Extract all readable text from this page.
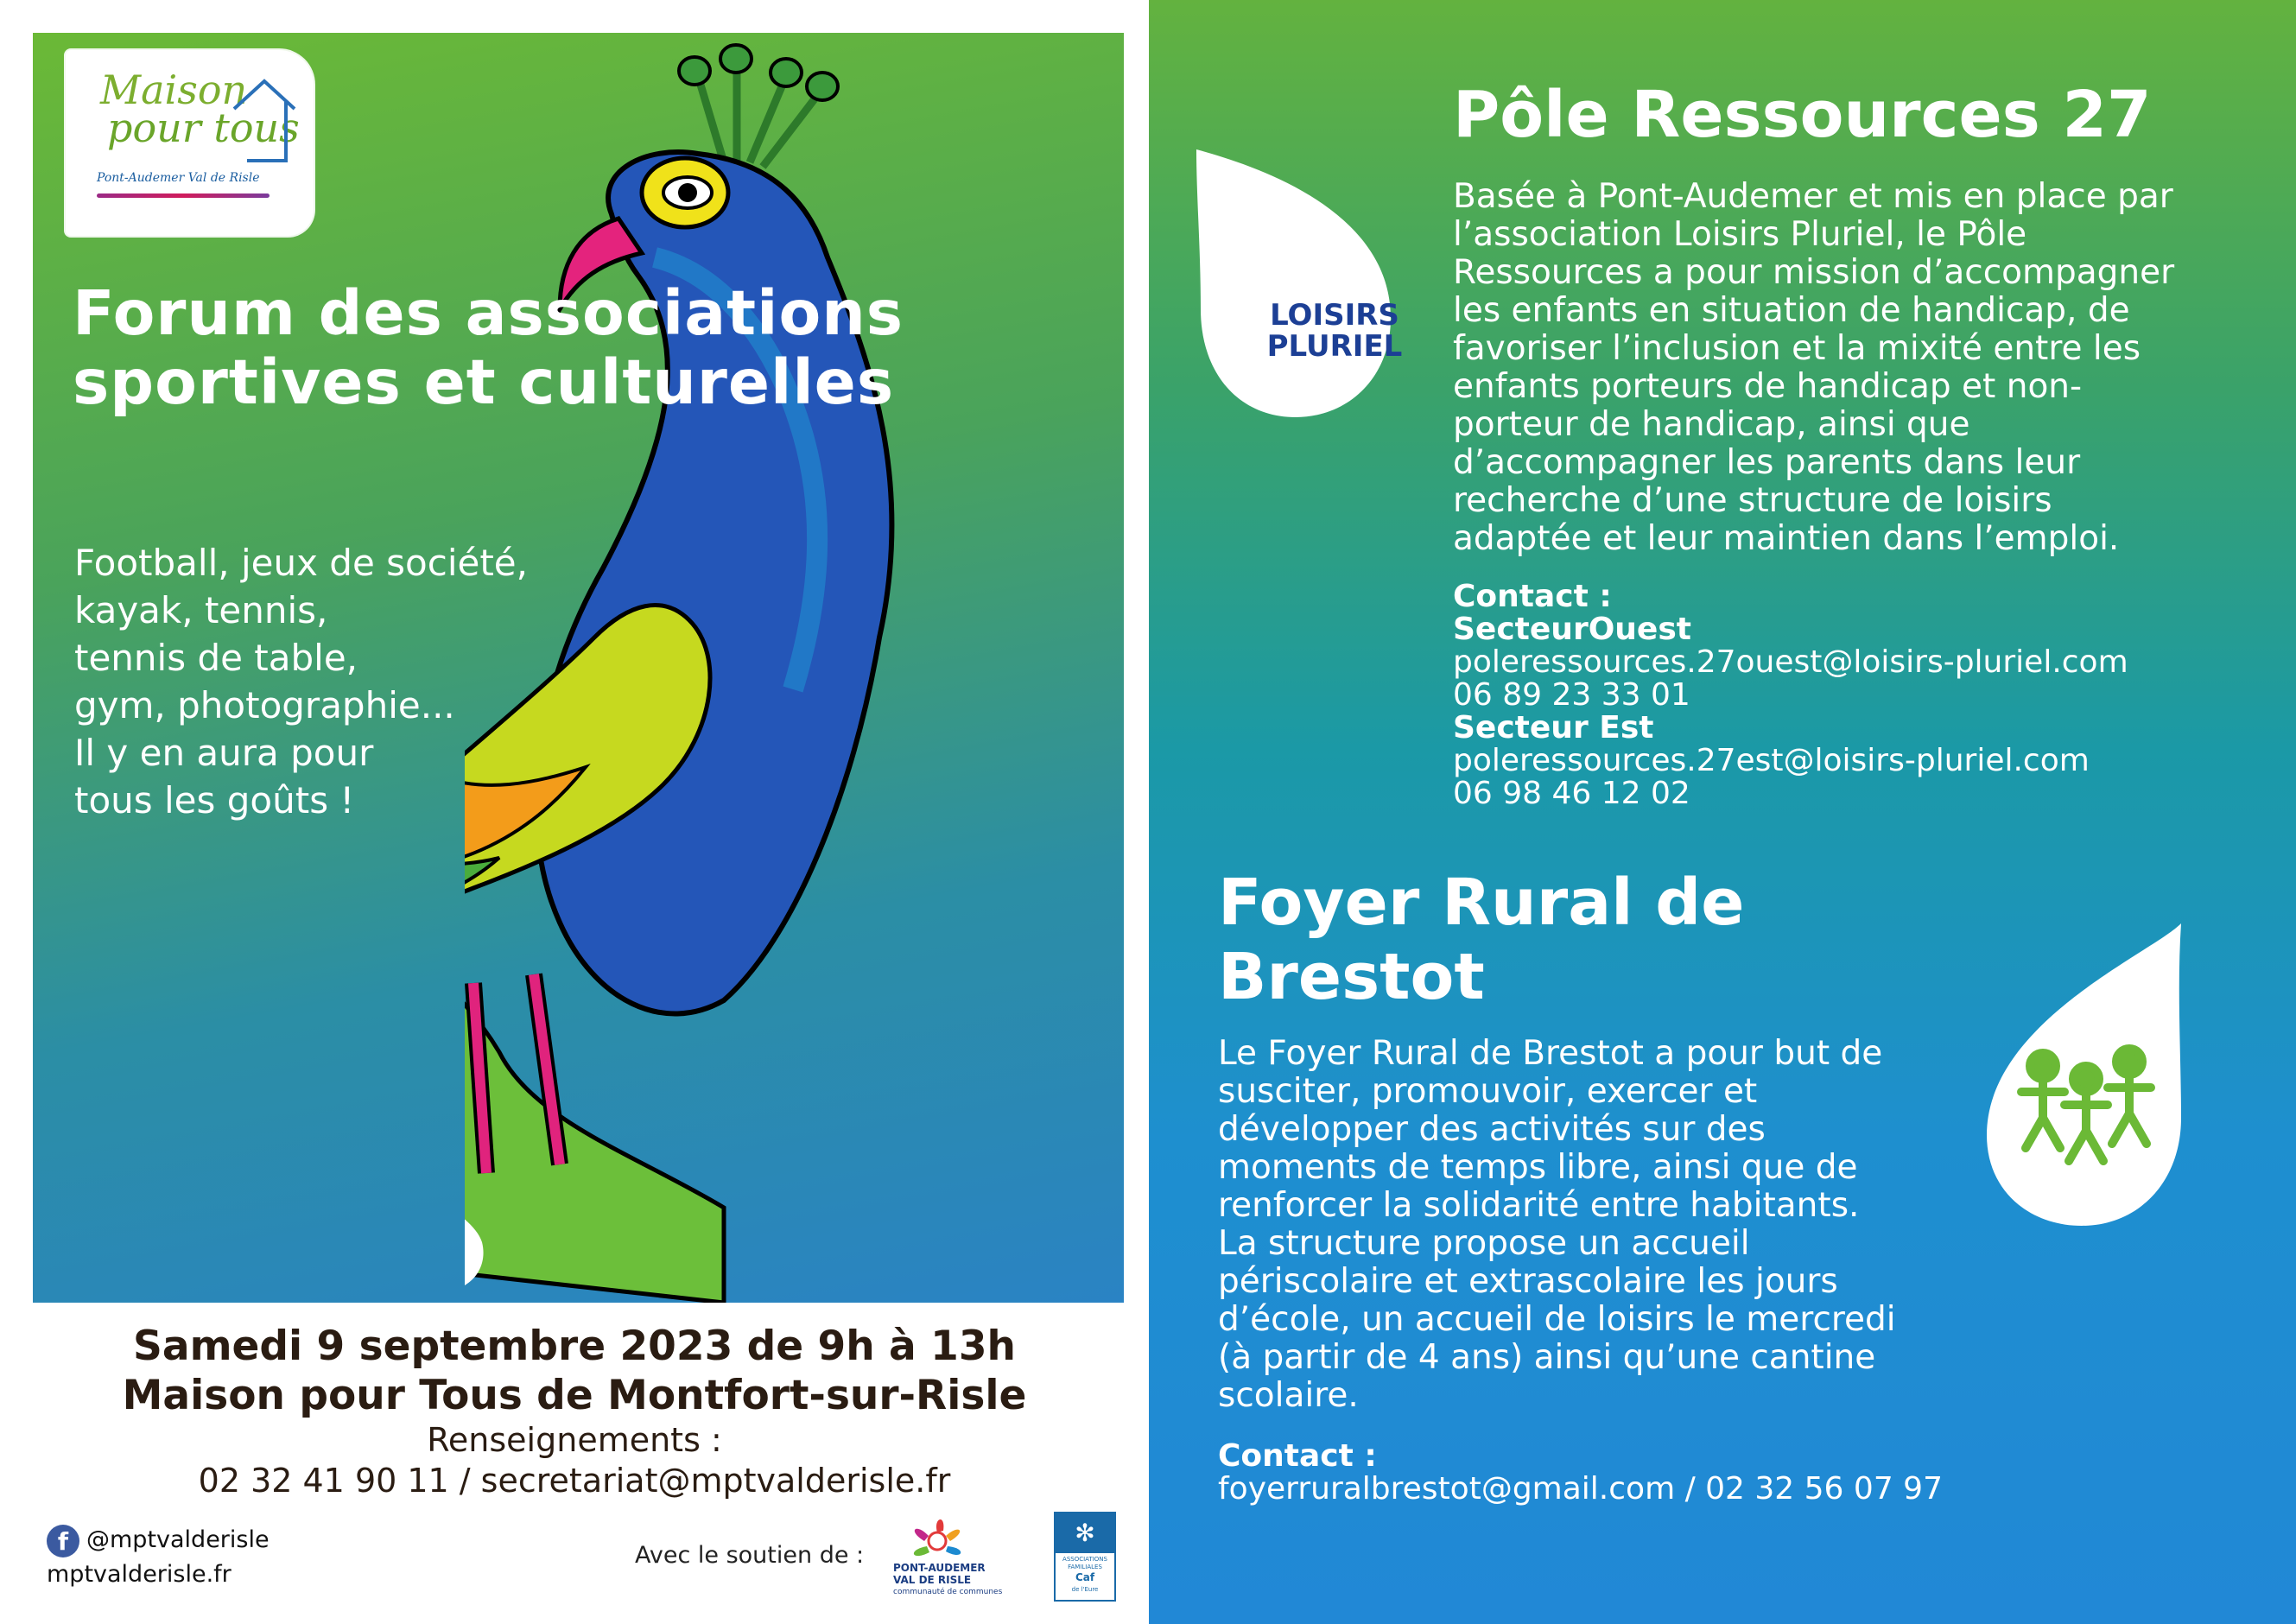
Maison
pour tous
Pont-Audemer Val de Risle
Forum des associations sportives et culturelles
Football, jeux de société,
kayak, tennis,
tennis de table,
gym, photographie...
Il y en aura pour
tous les goûts !
Samedi 9 septembre 2023 de 9h à 13h
Maison pour Tous de Montfort-sur-Risle
Renseignements :
02 32 41 90 11 / secretariat@mptvalderisle.fr
f @mptvalderisle
mptvalderisle.fr
Avec le soutien de :	PONT-AUDEMER
VAL DE RISLE
communauté de communes
✻
ASSOCIATIONS FAMILIALES
Caf
de l'Eure
LOISIRS
PLURIEL
Pôle Ressources 27
Basée à Pont-Audemer et mis en place par
l’association Loisirs Pluriel, le Pôle
Ressources a pour mission d’accompagner
les enfants en situation de handicap, de
favoriser l’inclusion et la mixité entre les
enfants porteurs de handicap et non-
porteur de handicap, ainsi que
d’accompagner les parents dans leur
recherche d’une structure de loisirs
adaptée et leur maintien dans l’emploi.
Contact :
SecteurOuest
poleressources.27ouest@loisirs-pluriel.com
06 89 23 33 01
Secteur Est
poleressources.27est@loisirs-pluriel.com
06 98 46 12 02
Foyer Rural de
Brestot
Le Foyer Rural de Brestot a pour but de
susciter, promouvoir, exercer et
développer des activités sur des
moments de temps libre, ainsi que de
renforcer la solidarité entre habitants.
La structure propose un accueil
périscolaire et extrascolaire les jours
d’école, un accueil de loisirs le mercredi
(à partir de 4 ans) ainsi qu’une cantine
scolaire.
Contact :
foyerruralbrestot@gmail.com / 02 32 56 07 97
